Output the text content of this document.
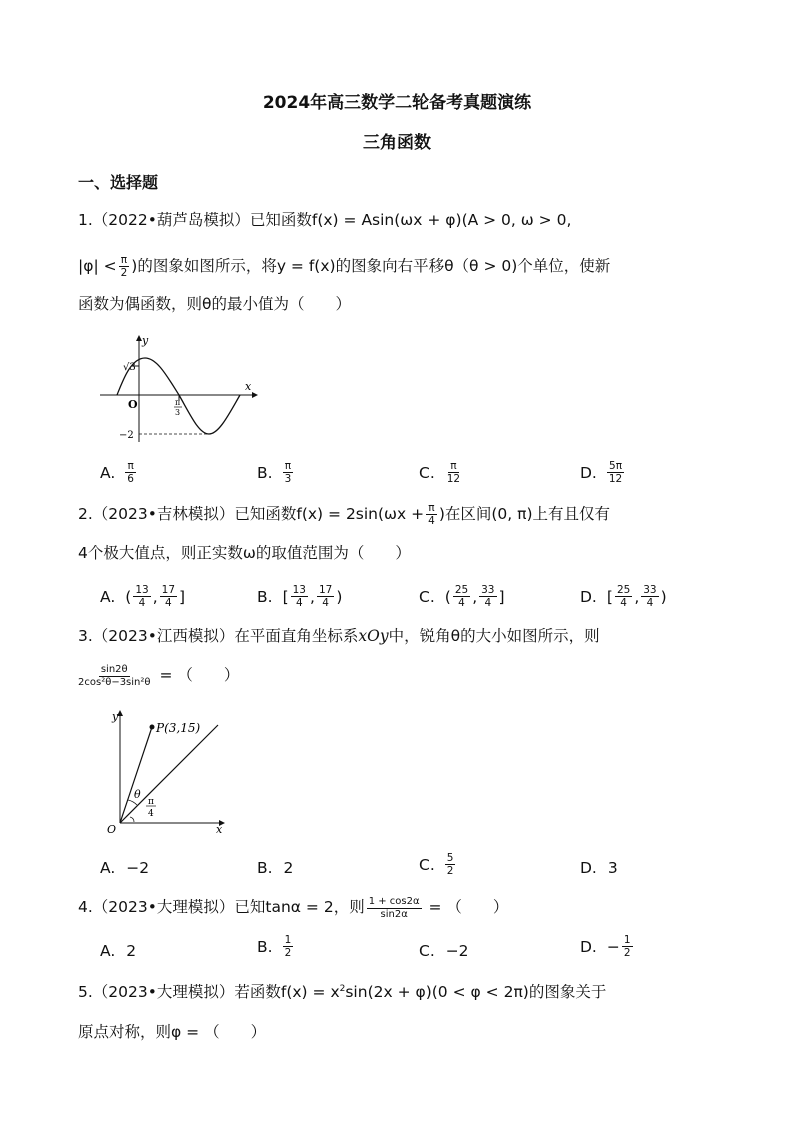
2024年高三数学二轮备考真题演练
三角函数
一、选择题
1.（2022•葫芦岛模拟）已知函数f(x) = Asin(ωx + φ)(A > 0, ω > 0,
$|\varphi| < \frac{\pi}{2}$ )的图象如图所示，将y = f(x)的图象向右平移θ（θ > 0)个单位，使新
函数为偶函数，则θ的最小值为（　　）
y
x
O
√3
−2
π
3
A. $\frac{\pi}{6}$	B. $\frac{\pi}{3}$	C. $\frac{\pi}{12}$	D. $\frac{5\pi}{12}$
2.（2023•吉林模拟）已知函数$f(x) = 2\sin(\omega x + \frac{\pi}{4}$ )在区间(0, π)上有且仅有
4个极大值点，则正实数ω的取值范围为（　　）
A. ( $\frac{13}{4}$ , $\frac{17}{4}$ ]	B. [ $\frac{13}{4}$ , $\frac{17}{4}$ )	C. ( $\frac{25}{4}$ , $\frac{33}{4}$ ]	D. [ $\frac{25}{4}$ , $\frac{33}{4}$ )
3.（2023•江西模拟）在平面直角坐标系xOy中，锐角θ的大小如图所示，则
$\frac{\sin 2\theta}{\text{2cos²θ−3sin²θ}}$ = （　　）
y
x
O
P(3,15)
θ
π
4
A. −2	B. 2	C. $\frac{5}{2}$	D. 3
4.（2023•大理模拟）已知tanα = 2，则 $\frac{1 + \cos 2\alpha}{\sin 2\alpha}$ = （　　）
A. 2	B. $\frac{1}{2}$	C. −2	D. − $\frac{1}{2}$
5.（2023•大理模拟）若函数$f(x) = x^2\sin(2x + \varphi)(0 < \varphi < 2\pi)$的图象关于
原点对称，则φ = （　　）
